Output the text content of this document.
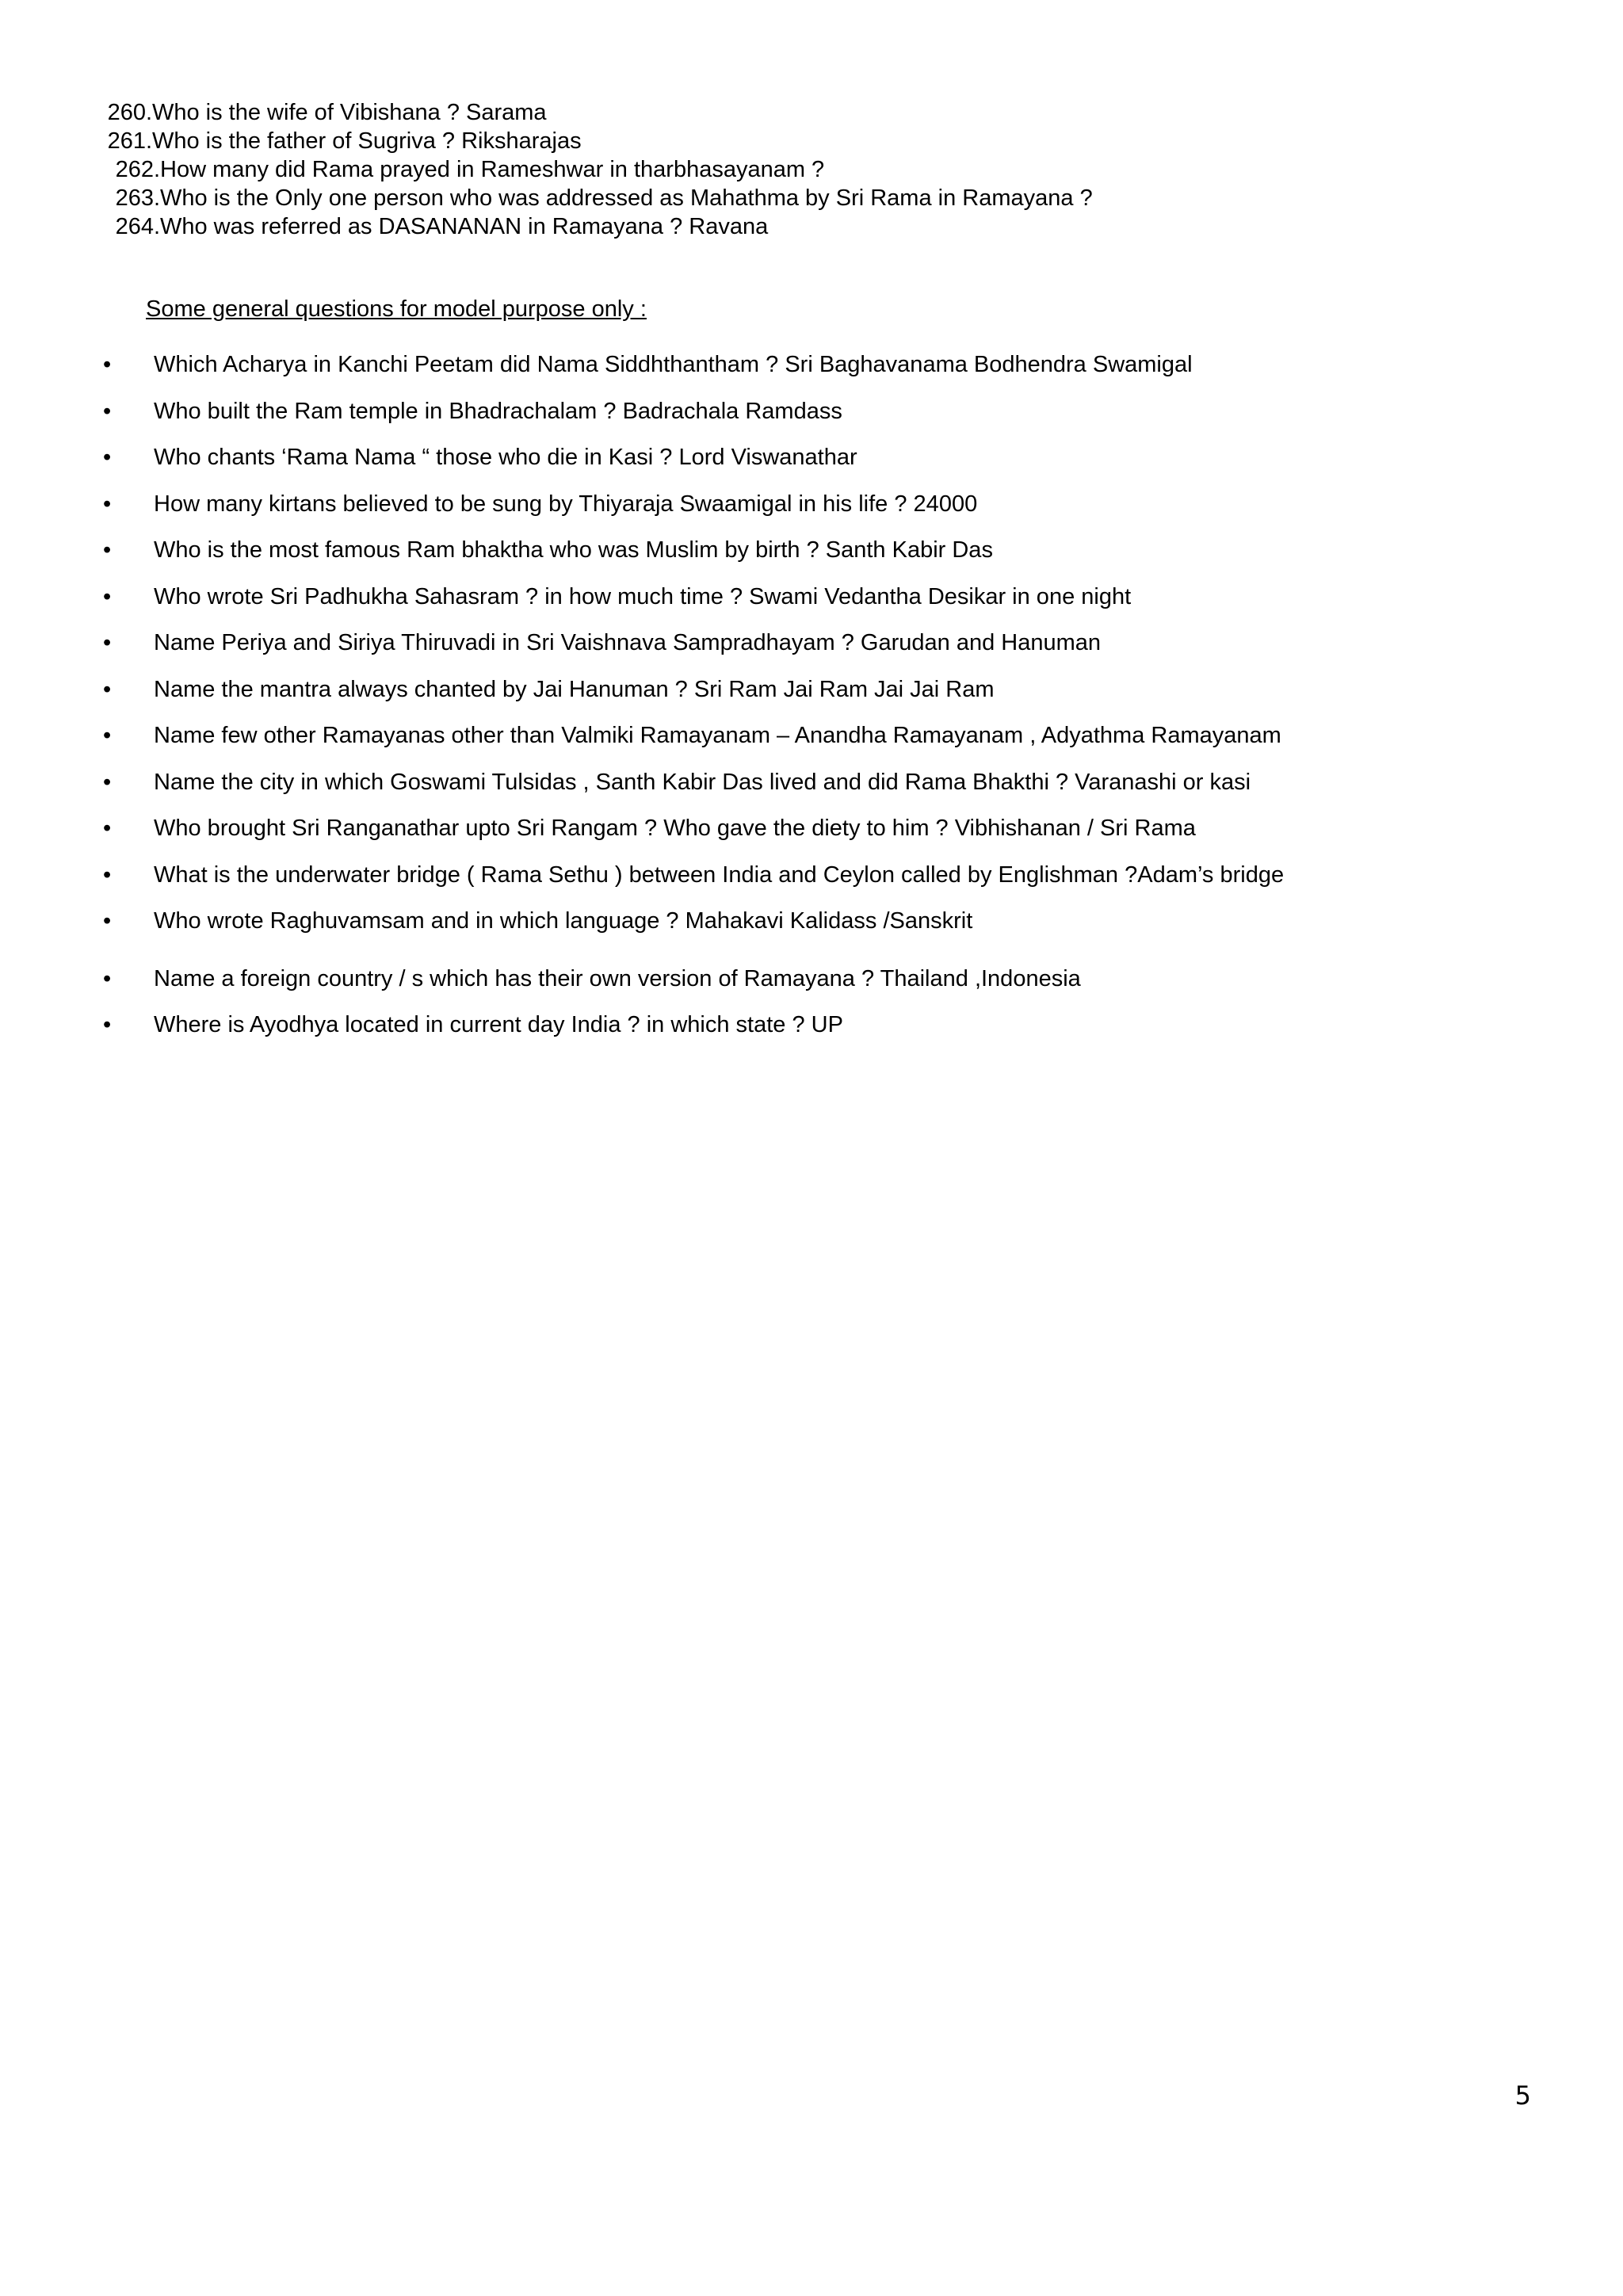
260 . Who is the wife of Vibishana ? Sarama
261 . Who is the father of Sugriva ? Riksharajas
262 . How many did Rama prayed in Rameshwar in tharbhasayanam ?
263 . Who is the Only one person who was addressed as Mahathma by Sri Rama in Ramayana ?
264 . Who was referred as DASANANAN in Ramayana ? Ravana
Some general questions for model purpose only :
•	Which Acharya in Kanchi Peetam did Nama Siddhthantham ? Sri Baghavanama Bodhendra Swamigal
•	Who built the Ram temple in Bhadrachalam ? Badrachala Ramdass
•	Who chants ‘Rama Nama “ those who die in Kasi ? Lord Viswanathar
•	How many kirtans believed to be sung by Thiyaraja Swaamigal in his life ? 24000
•	Who is the most famous Ram bhaktha who was Muslim by birth ? Santh Kabir Das
•	Who wrote Sri Padhukha Sahasram ? in how much time ? Swami Vedantha Desikar in one night
•	Name Periya and Siriya Thiruvadi in Sri Vaishnava Sampradhayam ? Garudan and Hanuman
•	Name the mantra always chanted by Jai Hanuman ? Sri Ram Jai Ram Jai Jai Ram
•	Name few other Ramayanas other than Valmiki Ramayanam – Anandha Ramayanam , Adyathma Ramayanam
•	Name the city in which Goswami Tulsidas , Santh Kabir Das lived and did Rama Bhakthi ? Varanashi or kasi
•	Who brought Sri Ranganathar upto Sri Rangam ? Who gave the diety to him ? Vibhishanan / Sri Rama
•	What is the underwater bridge ( Rama Sethu ) between India and Ceylon called by Englishman ?Adam’s bridge
•	Who wrote Raghuvamsam and in which language ? Mahakavi Kalidass /Sanskrit
•	Name a foreign country / s which has their own version of Ramayana ? Thailand ,Indonesia
•	Where is Ayodhya located in current day India ? in which state ? UP
5
